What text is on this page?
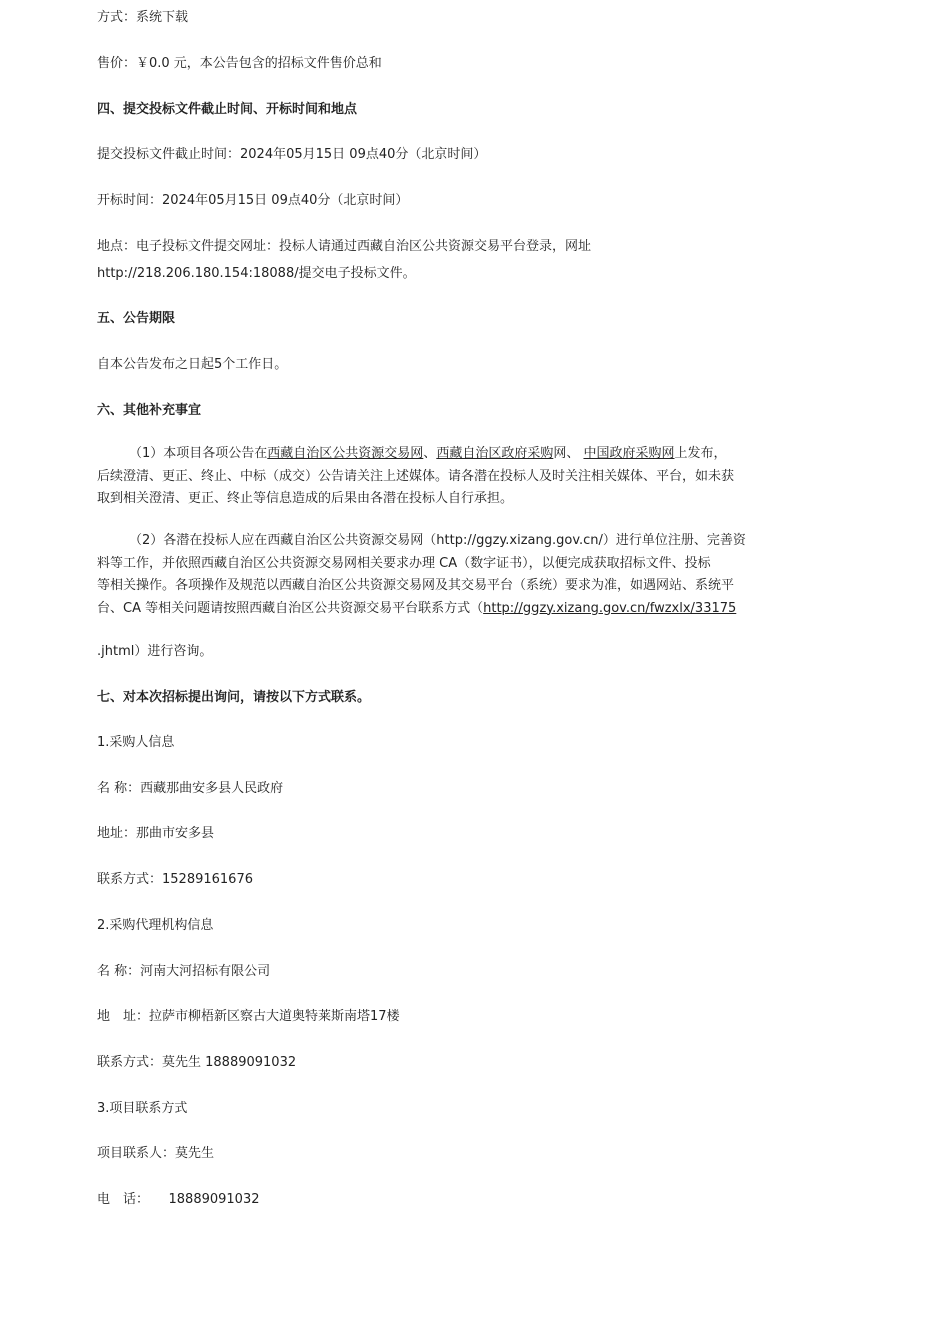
方式：系统下载
售价：￥0.0 元，本公告包含的招标文件售价总和
四、提交投标文件截止时间、开标时间和地点
提交投标文件截止时间：2024年05月15日 09点40分（北京时间）
开标时间：2024年05月15日 09点40分（北京时间）
地点：电子投标文件提交网址：投标人请通过西藏自治区公共资源交易平台登录，网址
http://218.206.180.154:18088/提交电子投标文件。
五、公告期限
自本公告发布之日起5个工作日。
六、其他补充事宜
（1）本项目各项公告在西藏自治区公共资源交易网、西藏自治区政府采购网、 中国政府采购网上发布，
后续澄清、更正、终止、中标（成交）公告请关注上述媒体。请各潜在投标人及时关注相关媒体、平台，如未获
取到相关澄清、更正、终止等信息造成的后果由各潜在投标人自行承担。
（2）各潜在投标人应在西藏自治区公共资源交易网（http://ggzy.xizang.gov.cn/）进行单位注册、完善资
料等工作，并依照西藏自治区公共资源交易网相关要求办理 CA（数字证书），以便完成获取招标文件、投标
等相关操作。各项操作及规范以西藏自治区公共资源交易网及其交易平台（系统）要求为准，如遇网站、系统平
台、CA 等相关问题请按照西藏自治区公共资源交易平台联系方式（http://ggzy.xizang.gov.cn/fwzxlx/33175
.jhtml）进行咨询。
七、对本次招标提出询问，请按以下方式联系。
1.采购人信息
名 称：西藏那曲安多县人民政府
地址：那曲市安多县
联系方式：15289161676
2.采购代理机构信息
名 称：河南大河招标有限公司
地　址：拉萨市柳梧新区察古大道奥特莱斯南塔17楼
联系方式：莫先生 18889091032
3.项目联系方式
项目联系人：莫先生
电　话：　　18889091032
